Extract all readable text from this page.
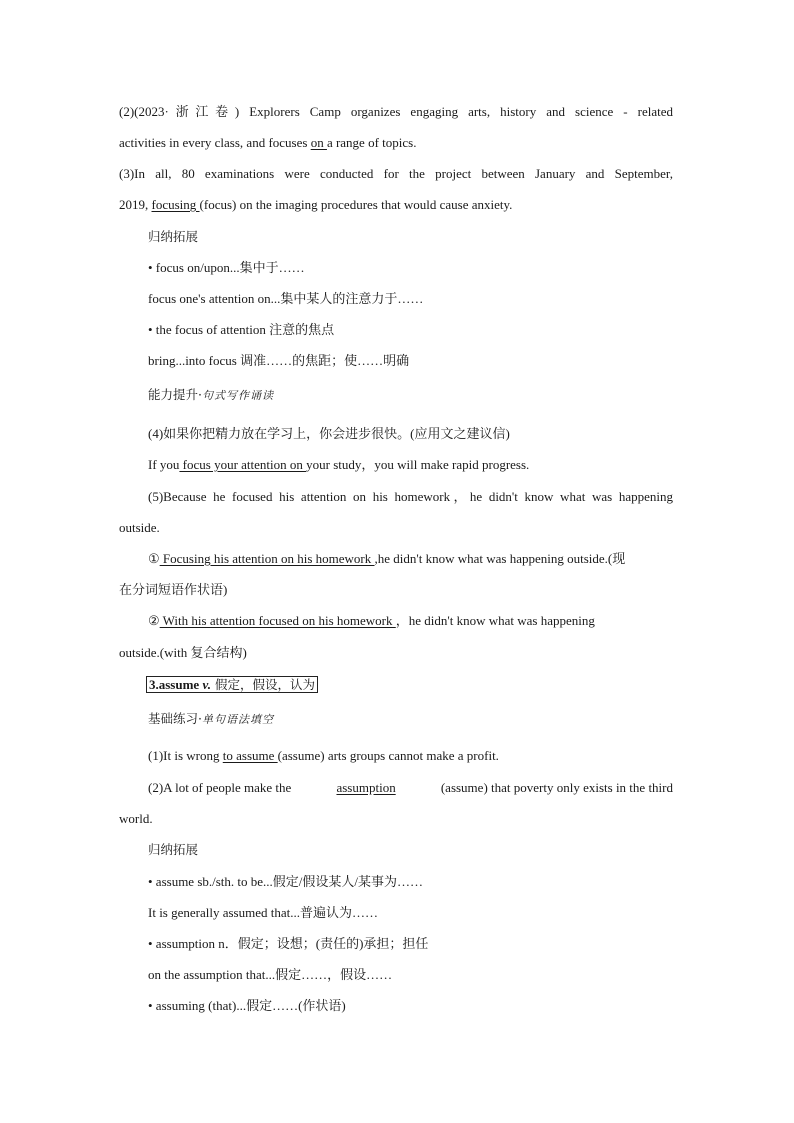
(2)(2023·浙江卷) Explorers Camp organizes engaging arts, history and science - related
activities in every class, and focuses on a range of topics.
(3)In all, 80 examinations were conducted for the project between January and September,
2019, focusing (focus) on the imaging procedures that would cause anxiety.
归纳拓展
• focus on/upon...集中于……
focus one's attention on...集中某人的注意力于……
• the focus of attention 注意的焦点
bring...into focus 调准……的焦距；使……明确
能力提升·句式写作诵读
(4)如果你把精力放在学习上，你会进步很快。(应用文之建议信)
If you focus your attention on your study，you will make rapid progress.
(5)Because he focused his attention on his homework，he didn't know what was happening
outside.
① Focusing his attention on his homework ,he didn't know what was happening outside.(现
在分词短语作状语)
② With his attention focused on his homework ，he didn't know what was happening
outside.(with 复合结构)
3.assume v. 假定，假设，认为
基础练习·单句语法填空
(1)It is wrong to assume (assume) arts groups cannot make a profit.
(2)A lot of people make the	assumption	(assume) that poverty only exists in the third
world.
归纳拓展
• assume sb./sth. to be...假定/假设某人/某事为……
It is generally assumed that...普遍认为……
• assumption n．假定；设想；(责任的)承担；担任
on the assumption that...假定……，假设……
• assuming (that)...假定……(作状语)
